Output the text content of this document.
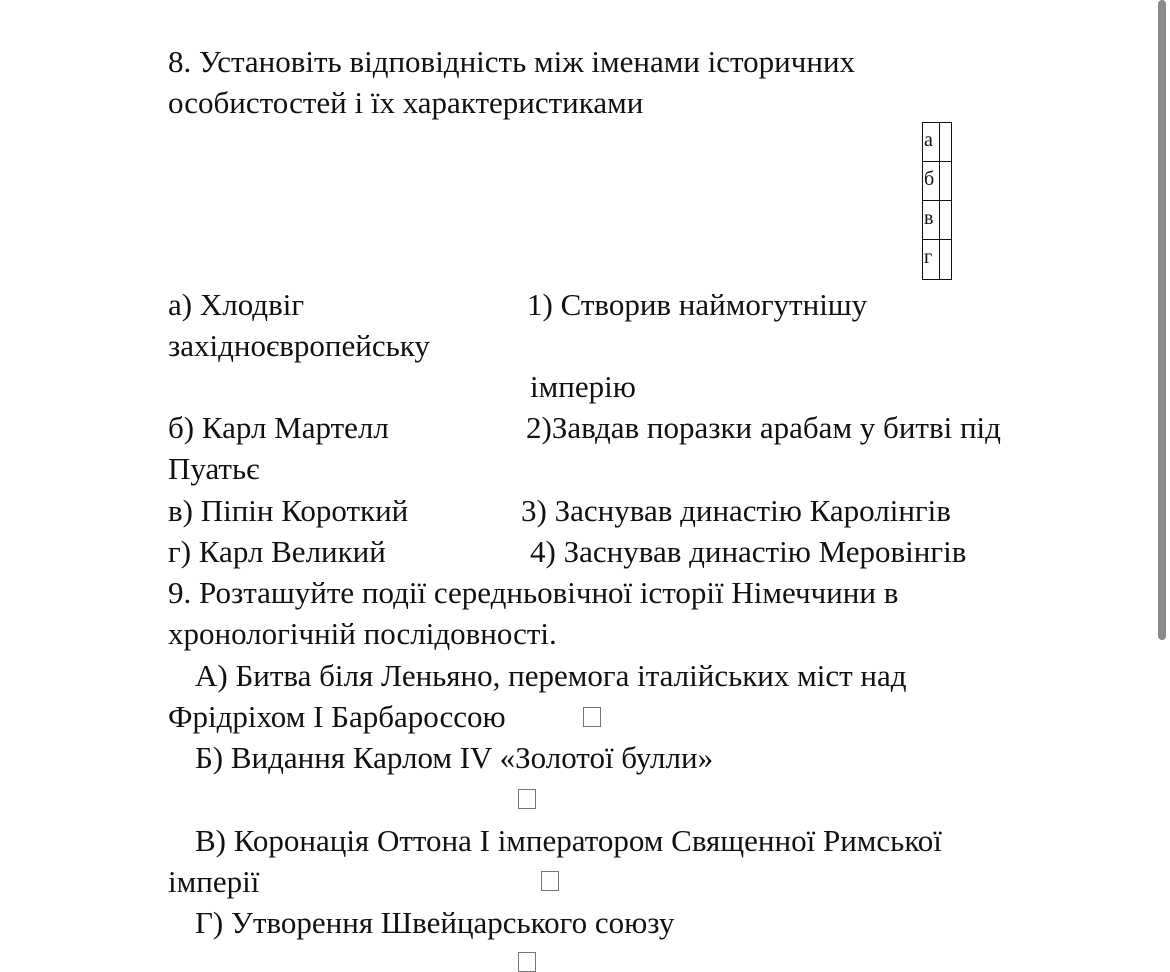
8. Установіть відповідність між іменами історичних
особистостей і їх характеристиками
а
б
в
г
а) Хлодвіг	1) Створив наймогутнішу
західноєвропейську
імперію
б) Карл Мартелл	2)Завдав поразки арабам у битві під
Пуатьє
в) Піпін Короткий	3) Заснував династію Каролінгів
г) Карл Великий	4) Заснував династію Меровінгів
9. Розташуйте події середньовічної історії Німеччини в
хронологічній послідовності.
А) Битва біля Леньяно, перемога італійських міст над
Фрідріхом І Барбароссою
Б) Видання Карлом IV «Золотої булли»
В) Коронація Оттона І імператором Священної Римської
імперії
Г) Утворення Швейцарського союзу
